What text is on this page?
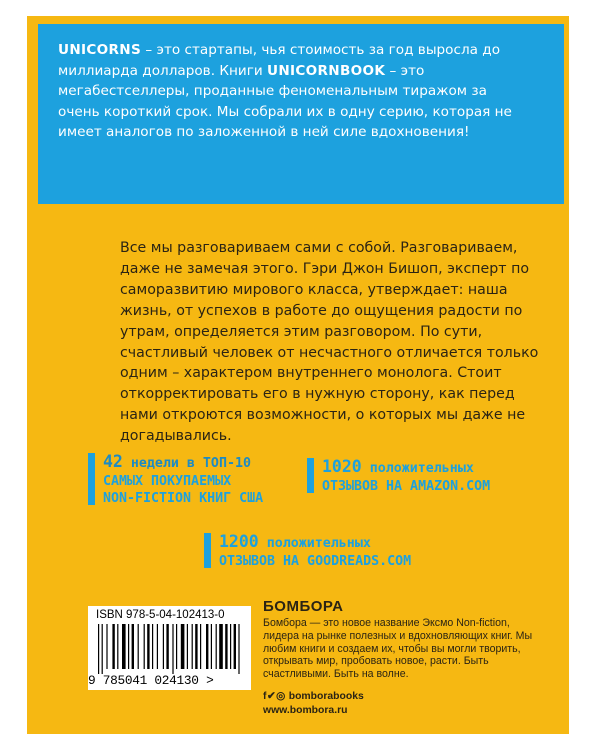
UNICORNS – это стартапы, чья стоимость за год выросла до миллиарда долларов. Книги UNICORNBOOK – это мегабестселлеры, проданные феноменальным тиражом за очень короткий срок. Мы собрали их в одну серию, которая не имеет аналогов по заложенной в ней силе вдохновения!
Все мы разговариваем сами с собой. Разговариваем, даже не замечая этого. Гэри Джон Бишоп, эксперт по саморазвитию мирового класса, утверждает: наша жизнь, от успехов в работе до ощущения радости по утрам, определяется этим разговором. По сути, счастливый человек от несчастного отличается только одним – характером внутреннего монолога. Стоит откорректировать его в нужную сторону, как перед нами откроются возможности, о которых мы даже не догадывались.
42 недели в ТОП-10
САМЫХ ПОКУПАЕМЫХ
NON-FICTION КНИГ США
1020 положительных
ОТЗЫВОВ НА AMAZON.COM
1200 положительных
ОТЗЫВОВ НА GOODREADS.COM
ISBN 978-5-04-102413-0
9 785041 024130 >
БОМБОРА
Бомбора — это новое название Эксмо Non-fiction, лидера на рынке полезных и вдохновляющих книг. Мы любим книги и создаем их, чтобы вы могли творить, открывать мир, пробовать новое, расти. Быть счастливыми. Быть на волне.
f✔◎ bomborabooks
www.bombora.ru
